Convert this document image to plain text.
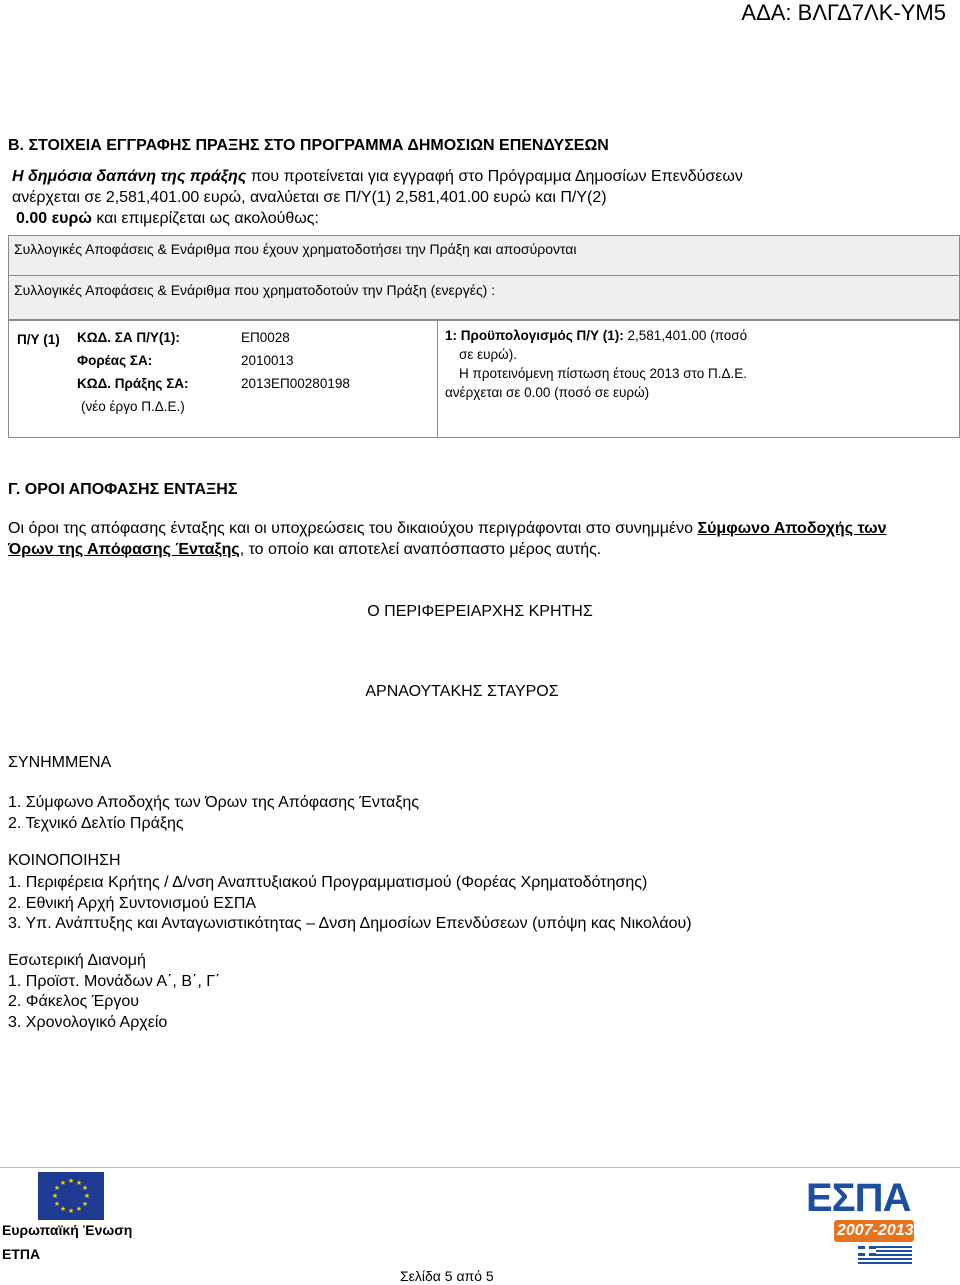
ΑΔΑ: ΒΛΓΔ7ΛΚ-ΥΜ5
Β. ΣΤΟΙΧΕΙΑ ΕΓΓΡΑΦΗΣ ΠΡΑΞΗΣ ΣΤΟ ΠΡΟΓΡΑΜΜΑ ΔΗΜΟΣΙΩΝ ΕΠΕΝΔΥΣΕΩΝ
Η δημόσια δαπάνη της πράξης που προτείνεται για εγγραφή στο Πρόγραμμα Δημοσίων Επενδύσεων
ανέρχεται σε 2,581,401.00 ευρώ, αναλύεται σε Π/Υ(1) 2,581,401.00 ευρώ και Π/Υ(2)
0.00 ευρώ και επιμερίζεται ως ακολούθως:
Συλλογικές Αποφάσεις & Ενάριθμα που έχουν χρηματοδοτήσει την Πράξη και αποσύρονται
Συλλογικές Αποφάσεις & Ενάριθμα που χρηματοδοτούν την Πράξη (ενεργές) :
Π/Υ (1) ΚΩΔ. ΣΑ Π/Υ(1):	ΕΠ0028
Φορέας ΣΑ:	2010013
ΚΩΔ. Πράξης ΣΑ:	2013ΕΠ00280198
(νέο έργο Π.Δ.Ε.)
1: Προϋπολογισμός Π/Υ (1): 2,581,401.00 (ποσό
σε ευρώ).
Η προτεινόμενη πίστωση έτους 2013 στο Π.Δ.Ε.
ανέρχεται σε 0.00 (ποσό σε ευρώ)
Γ. ΟΡΟΙ ΑΠΟΦΑΣΗΣ ΕΝΤΑΞΗΣ
Οι όροι της απόφασης ένταξης και οι υποχρεώσεις του δικαιούχου περιγράφονται στο συνημμένο Σύμφωνο Αποδοχής των
Όρων της Απόφασης Ένταξης, το οποίο και αποτελεί αναπόσπαστο μέρος αυτής.
Ο ΠΕΡΙΦΕΡΕΙΑΡΧΗΣ ΚΡΗΤΗΣ
ΑΡΝΑΟΥΤΑΚΗΣ ΣΤΑΥΡΟΣ
ΣΥΝΗΜΜΕΝΑ
1. Σύμφωνο Αποδοχής των Όρων της Απόφασης Ένταξης
2. Τεχνικό Δελτίο Πράξης
ΚΟΙΝΟΠΟΙΗΣΗ
1. Περιφέρεια Κρήτης / Δ/νση Αναπτυξιακού Προγραμματισμού (Φορέας Χρηματοδότησης)
2. Εθνική Αρχή Συντονισμού ΕΣΠΑ
3. Υπ. Ανάπτυξης και Ανταγωνιστικότητας – Δνση Δημοσίων Επενδύσεων (υπόψη κας Νικολάου)
Εσωτερική Διανομή
1. Προϊστ. Μονάδων Α΄, Β΄, Γ΄
2. Φάκελος Έργου
3. Χρονολογικό Αρχείο
★ ★
★
★
★
★
★
★
★
★
★
★
Ευρωπαϊκή Ένωση
ΕΤΠΑ
Σελίδα 5 από 5
ΕΣΠΑ
2007-2013
